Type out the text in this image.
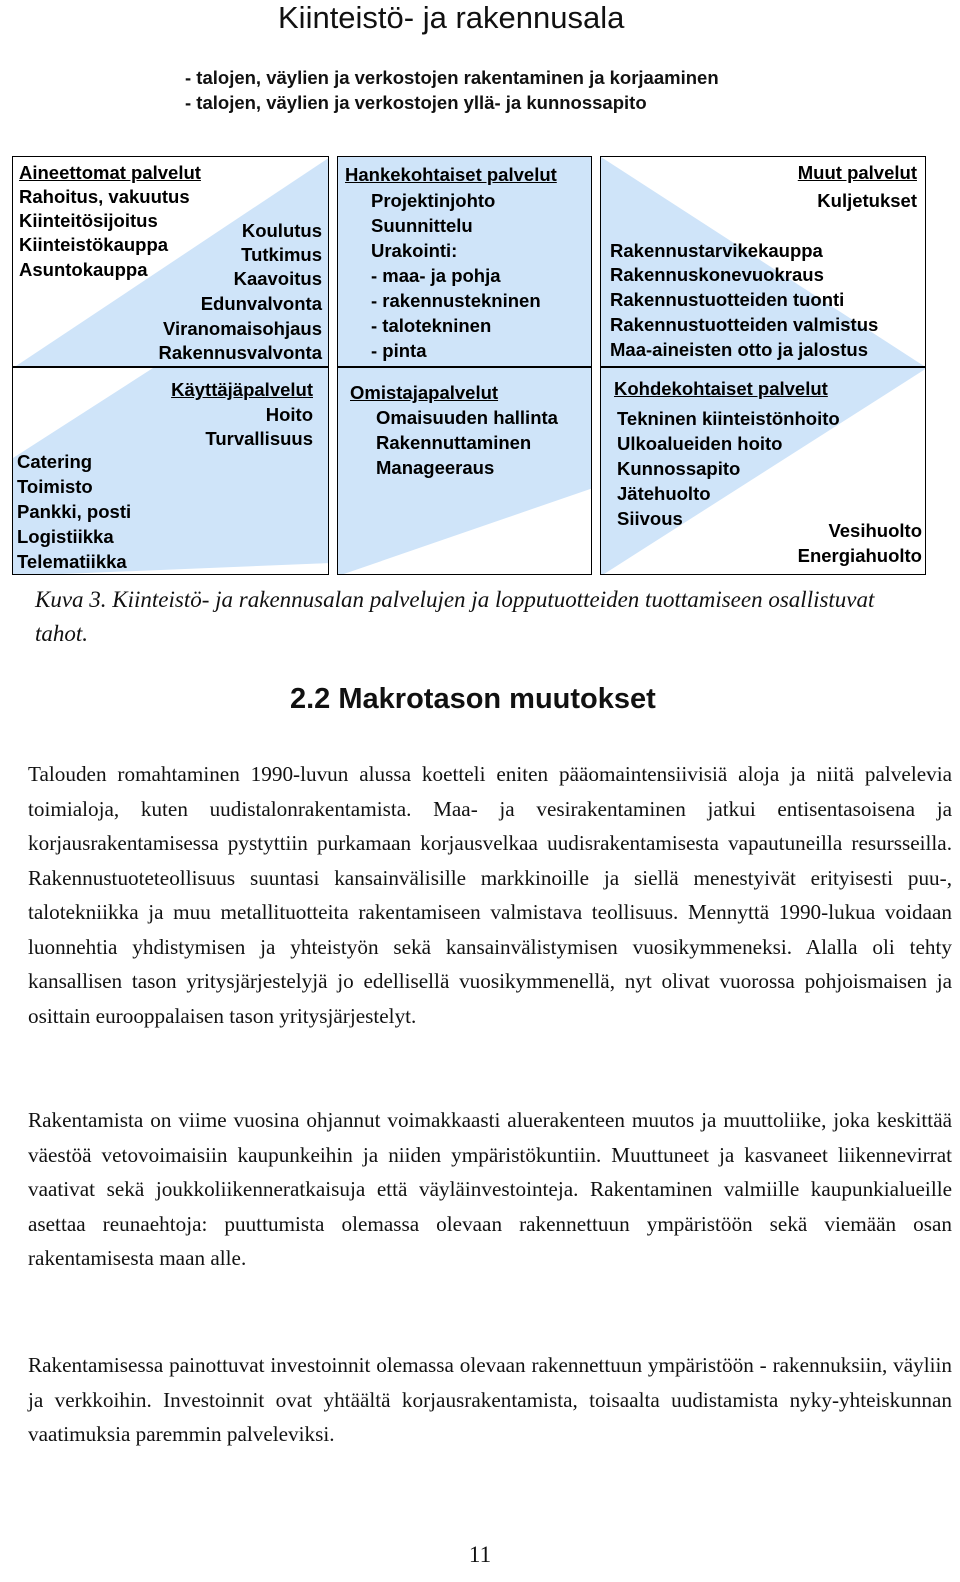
Kiinteistö- ja rakennusala
- talojen, väylien ja verkostojen rakentaminen ja korjaaminen
- talojen, väylien ja verkostojen yllä- ja kunnossapito
Aineettomat palvelut
Rahoitus, vakuutus
Kiinteitösijoitus
Kiinteistökauppa
Asuntokauppa
Koulutus
Tutkimus
Kaavoitus
Edunvalvonta
Viranomaisohjaus
Rakennusvalvonta
Hankekohtaiset palvelut
Projektinjohto
Suunnittelu
Urakointi:
- maa- ja pohja
- rakennustekninen
- talotekninen
- pinta
Muut palvelut
Kuljetukset
Rakennustarvikekauppa
Rakennuskonevuokraus
Rakennustuotteiden tuonti
Rakennustuotteiden valmistus
Maa-aineisten otto ja jalostus
Käyttäjäpalvelut
Hoito
Turvallisuus
Catering
Toimisto
Pankki, posti
Logistiikka
Telematiikka
Omistajapalvelut
Omaisuuden hallinta
Rakennuttaminen
Manageeraus
Kohdekohtaiset palvelut
Tekninen kiinteistönhoito
Ulkoalueiden hoito
Kunnossapito
Jätehuolto
Siivous
Vesihuolto
Energiahuolto
Kuva 3. Kiinteistö- ja rakennusalan palvelujen ja lopputuotteiden tuottamiseen osallistuvat tahot.
2.2 Makrotason muutokset

Talouden romahtaminen 1990-luvun alussa koetteli eniten pääomaintensiivisiä aloja ja niitä palvelevia toimialoja, kuten uudistalonrakentamista. Maa- ja vesirakentaminen jatkui entisentasoisena ja korjausrakentamisessa pystyttiin purkamaan korjausvelkaa uudisrakentamisesta vapautuneilla resursseilla. Rakennustuoteteollisuus suuntasi kansainvälisille markkinoille ja siellä menestyivät erityisesti puu-, talotekniikka ja muu metallituotteita rakentamiseen valmistava teollisuus. Mennyttä 1990-lukua voidaan luonnehtia yhdistymisen ja yhteistyön sekä kansainvälistymisen vuosikymmeneksi. Alalla oli tehty kansallisen tason yritysjärjestelyjä jo edellisellä vuosikymmenellä, nyt olivat vuorossa pohjoismaisen ja osittain eurooppalaisen tason yritysjärjestelyt.

Rakentamista on viime vuosina ohjannut voimakkaasti aluerakenteen muutos ja muuttoliike, joka keskittää väestöä vetovoimaisiin kaupunkeihin ja niiden ympäristökuntiin. Muuttuneet ja kasvaneet liikennevirrat vaativat sekä joukkoliikenneratkaisuja että väyläinvestointeja. Rakentaminen valmiille kaupunkialueille asettaa reunaehtoja: puuttumista olemassa olevaan rakennettuun ympäristöön sekä viemään osan rakentamisesta maan alle.

Rakentamisessa painottuvat investoinnit olemassa olevaan rakennettuun ympäristöön - rakennuksiin, väyliin ja verkkoihin. Investoinnit ovat yhtäältä korjausrakentamista, toisaalta uudistamista nyky-yhteiskunnan vaatimuksia paremmin palveleviksi.

11
